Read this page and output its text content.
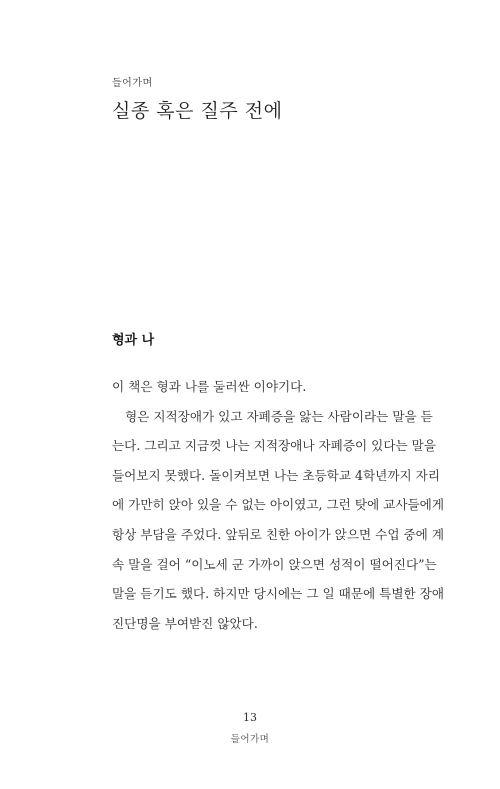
들어가며
실종 혹은 질주 전에
형과 나
이 책은 형과 나를 둘러싼 이야기다.
형은 지적장애가 있고 자폐증을 앓는 사람이라는 말을 듣
는다. 그리고 지금껏 나는 지적장애나 자폐증이 있다는 말을
들어보지 못했다. 돌이켜보면 나는 초등학교 4학년까지 자리
에 가만히 앉아 있을 수 없는 아이였고, 그런 탓에 교사들에게
항상 부담을 주었다. 앞뒤로 친한 아이가 앉으면 수업 중에 계
속 말을 걸어 “이노세 군 가까이 앉으면 성적이 떨어진다”는
말을 듣기도 했다. 하지만 당시에는 그 일 때문에 특별한 장애
진단명을 부여받진 않았다.
13
들어가며
